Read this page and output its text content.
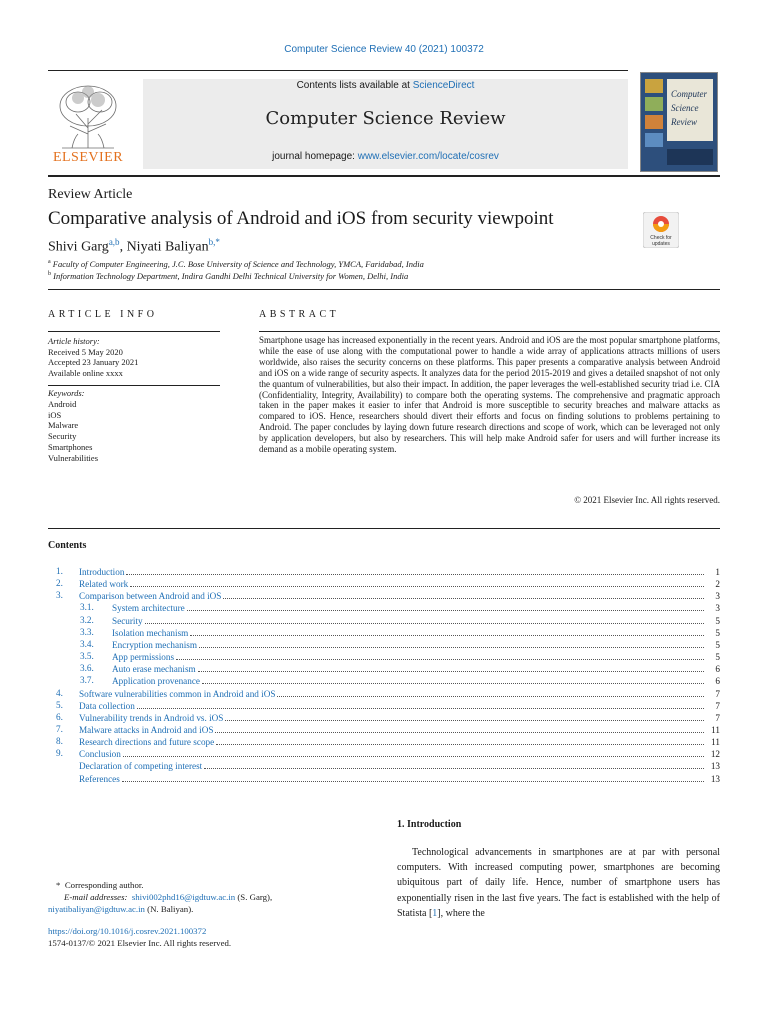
Computer Science Review 40 (2021) 100372
ELSEVIER
Contents lists available at ScienceDirect
Computer Science Review
journal homepage: www.elsevier.com/locate/cosrev
Computer
Science
Review
Review Article
Comparative analysis of Android and iOS from security viewpoint
Check for
updates
Shivi Garg$^{a,b}$, Niyati Baliyan$^{b,*}$
$^a$ Faculty of Computer Engineering, J.C. Bose University of Science and Technology, YMCA, Faridabad, India
$^b$ Information Technology Department, Indira Gandhi Delhi Technical University for Women, Delhi, India
ARTICLE INFO	ABSTRACT
Article history:
Received 5 May 2020
Accepted 23 January 2021
Available online xxxx
Keywords:
Android
iOS
Malware
Security
Smartphones
Vulnerabilities
Smartphone usage has increased exponentially in the recent years. Android and iOS are the most popular smartphone platforms, while the ease of use along with the computational power to handle a wide array of applications attracts millions of users worldwide, also raises the security concerns on these platforms. This paper presents a comparative analysis between Android and iOS on a wide range of security aspects. It analyzes data for the period 2015-2019 and gives a detailed snapshot of not only the quantum of vulnerabilities, but also their impact. In addition, the paper leverages the well-established security triad i.e. CIA (Confidentiality, Integrity, Availability) to compare both the operating systems. The comprehensive and pragmatic approach taken in the paper makes it easier to infer that Android is more susceptible to security breaches and malware attacks as compared to iOS. Hence, researchers should divert their efforts and focus on finding solutions to problems pertaining to Android. The paper concludes by laying down future research directions and scope of work, which can be leveraged not only by application developers, but also by researchers. This will help make Android safer for users and will further increase its demand as a mobile operating system.
© 2021 Elsevier Inc. All rights reserved.
Contents
1. Introduction	1
2. Related work	2
3. Comparison between Android and iOS	3
3.1. System architecture	3
3.2. Security	5
3.3. Isolation mechanism	5
3.4. Encryption mechanism	5
3.5. App permissions	5
3.6. Auto erase mechanism	6
3.7. Application provenance	6
4. Software vulnerabilities common in Android and iOS	7
5. Data collection	7
6. Vulnerability trends in Android vs. iOS	7
7. Malware attacks in Android and iOS	11
8. Research directions and future scope	11
9. Conclusion	12
Declaration of competing interest	13
References	13
1. Introduction
Technological advancements in smartphones are at par with personal computers. With increased computing power, smartphones are becoming ubiquitous part of daily life. Hence, number of smartphone users has exponentially risen in the last five years. The fact is established with the help of Statista [1], where the
* Corresponding author.
E-mail addresses: shivi002phd16@igdtuw.ac.in (S. Garg),
niyatibaliyan@igdtuw.ac.in (N. Baliyan).
https://doi.org/10.1016/j.cosrev.2021.100372
1574-0137/© 2021 Elsevier Inc. All rights reserved.
